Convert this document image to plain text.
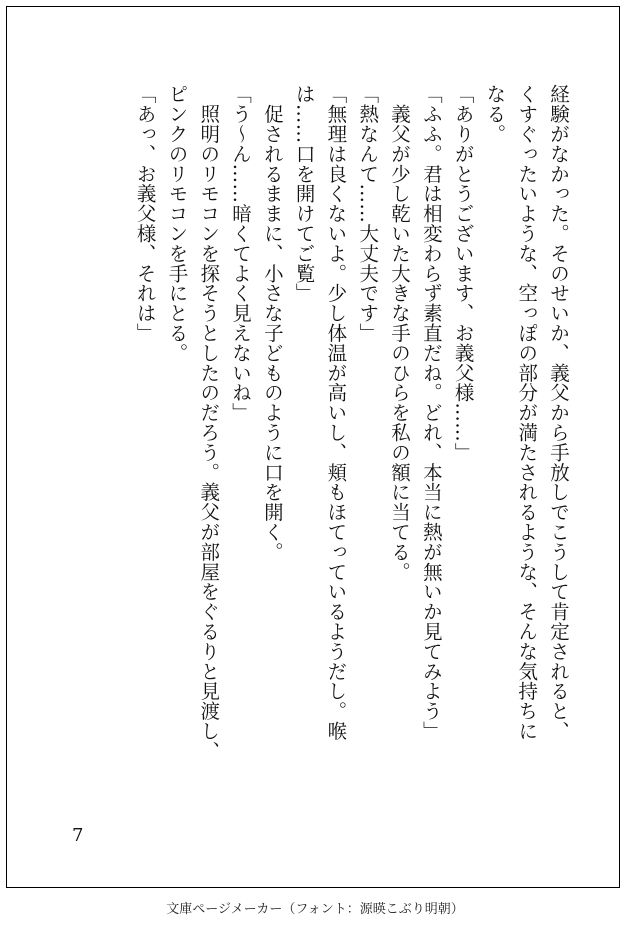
経験がなかった。そのせいか、義父から手放しでこうして肯定されると、

くすぐったいような、空っぽの部分が満たされるような、そんな気持ちに

なる。

「ありがとうございます、お義父様……」

「ふふ。君は相変わらず素直だね。どれ、本当に熱が無いか見てみよう」

　義父が少し乾いた大きな手のひらを私の額に当てる。

「熱なんて……大丈夫です」

「無理は良くないよ。少し体温が高いし、頬もほてっているようだし。喉

は……口を開けてご覧」

　促されるままに、小さな子どものように口を開く。

「う〜ん……暗くてよく見えないね」

　照明のリモコンを探そうとしたのだろう。義父が部屋をぐるりと見渡し、

ピンクのリモコンを手にとる。

「あっ、お義父様、それは」

7
文庫ページメーカー（フォント：源暎こぶり明朝）
